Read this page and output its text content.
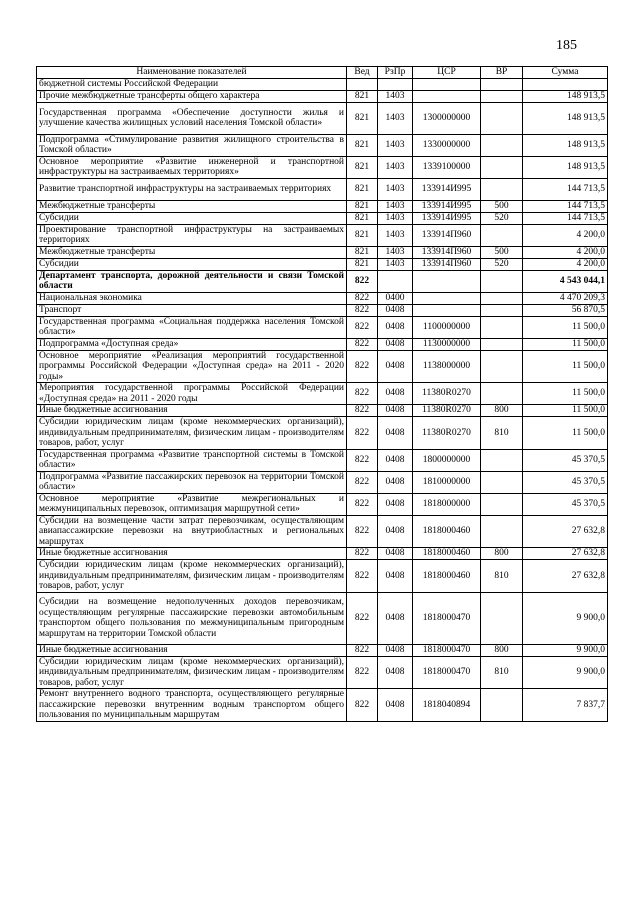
185
Наименование показателей	Вед	РзПр	ЦСР	ВР	Сумма
бюджетной системы Российской Федерации					
Прочие межбюджетные трансферты общего характера	821	1403			148 913,5
Государственная программа «Обеспечение доступности жилья и улучшение качества жилищных условий населения Томской области»	821	1403	1300000000		148 913,5
Подпрограмма «Стимулирование развития жилищного строительства в Томской области»	821	1403	1330000000		148 913,5
Основное мероприятие «Развитие инженерной и транспортной инфраструктуры на застраиваемых территориях»	821	1403	1339100000		148 913,5
Развитие транспортной инфраструктуры на застраиваемых территориях	821	1403	133914И995		144 713,5
Межбюджетные трансферты	821	1403	133914И995	500	144 713,5
Субсидии	821	1403	133914И995	520	144 713,5
Проектирование транспортной инфраструктуры на застраиваемых территориях	821	1403	133914П960		4 200,0
Межбюджетные трансферты	821	1403	133914П960	500	4 200,0
Субсидии	821	1403	133914П960	520	4 200,0
Департамент транспорта, дорожной деятельности и связи Томской области	822				4 543 044,1
Национальная экономика	822	0400			4 470 209,3
Транспорт	822	0408			56 870,5
Государственная программа «Социальная поддержка населения Томской области»	822	0408	1100000000		11 500,0
Подпрограмма «Доступная среда»	822	0408	1130000000		11 500,0
Основное мероприятие «Реализация мероприятий государственной программы Российской Федерации «Доступная среда» на 2011 - 2020 годы»	822	0408	1138000000		11 500,0
Мероприятия государственной программы Российской Федерации «Доступная среда» на 2011 - 2020 годы	822	0408	11380R0270		11 500,0
Иные бюджетные ассигнования	822	0408	11380R0270	800	11 500,0
Субсидии юридическим лицам (кроме некоммерческих организаций), индивидуальным предпринимателям, физическим лицам - производителям товаров, работ, услуг	822	0408	11380R0270	810	11 500,0
Государственная программа «Развитие транспортной системы в Томской области»	822	0408	1800000000		45 370,5
Подпрограмма «Развитие пассажирских перевозок на территории Томской области»	822	0408	1810000000		45 370,5
Основное мероприятие «Развитие межрегиональных и межмуниципальных перевозок, оптимизация маршрутной сети»	822	0408	1818000000		45 370,5
Субсидии на возмещение части затрат перевозчикам, осуществляющим авиапассажирские перевозки на внутриобластных и региональных маршрутах	822	0408	1818000460		27 632,8
Иные бюджетные ассигнования	822	0408	1818000460	800	27 632,8
Субсидии юридическим лицам (кроме некоммерческих организаций), индивидуальным предпринимателям, физическим лицам - производителям товаров, работ, услуг	822	0408	1818000460	810	27 632,8
Субсидии на возмещение недополученных доходов перевозчикам, осуществляющим регулярные пассажирские перевозки автомобильным транспортом общего пользования по межмуниципальным пригородным маршрутам на территории Томской области	822	0408	1818000470		9 900,0
Иные бюджетные ассигнования	822	0408	1818000470	800	9 900,0
Субсидии юридическим лицам (кроме некоммерческих организаций), индивидуальным предпринимателям, физическим лицам - производителям товаров, работ, услуг	822	0408	1818000470	810	9 900,0
Ремонт внутреннего водного транспорта, осуществляющего регулярные пассажирские перевозки внутренним водным транспортом общего пользования по муниципальным маршрутам	822	0408	1818040894		7 837,7
